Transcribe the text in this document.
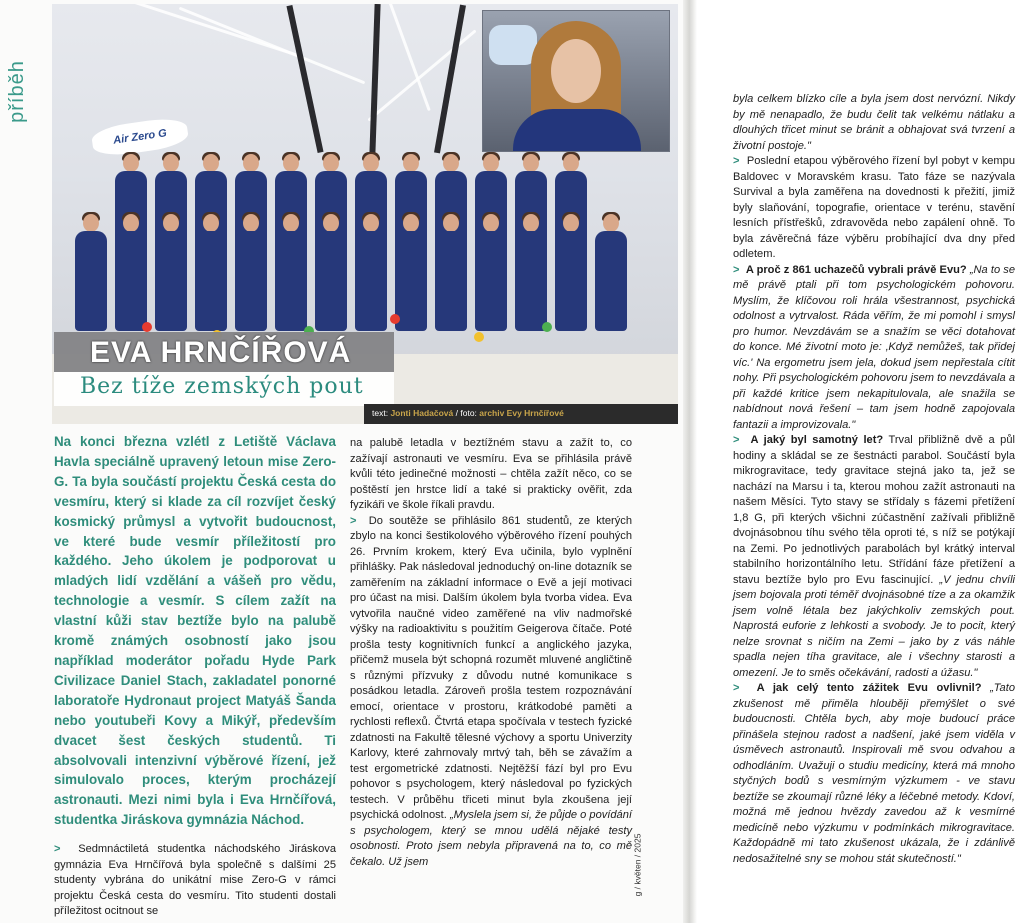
příběh
Air Zero G
EVA HRNČÍŘOVÁ
Bez tíže zemských pout
text: Jonti Hadačová / foto: archiv Evy Hrnčířové
Na konci března vzlétl z Letiště Václava Havla speciálně upravený letoun mise Zero-G. Ta byla součástí projektu Česká cesta do vesmíru, který si klade za cíl rozvíjet český kosmický průmysl a vytvořit budoucnost, ve které bude vesmír příležitostí pro každého. Jeho úkolem je podporovat u mladých lidí vzdělání a vášeň pro vědu, technologie a vesmír. S cílem zažít na vlastní kůži stav beztíže bylo na palubě kromě známých osobností jako jsou například moderátor pořadu Hyde Park Civilizace Daniel Stach, zakladatel ponorné laboratoře Hydronaut project Matyáš Šanda nebo youtubeři Kovy a Mikýř, především dvacet šest českých studentů. Ti absolvovali intenzivní výběrové řízení, jež simulovalo proces, kterým procházejí astronauti. Mezi nimi byla i Eva Hrnčířová, studentka Jiráskova gymnázia Náchod.

> Sedmnáctiletá studentka náchodského Jiráskova gymnázia Eva Hrnčířová byla společně s dalšími 25 studenty vybrána do unikátní mise Zero-G v rámci projektu Česká cesta do vesmíru. Tito studenti dostali příležitost ocitnout se

na palubě letadla v beztížném stavu a zažít to, co zažívají astronauti ve vesmíru. Eva se přihlásila právě kvůli této jedinečné možnosti – chtěla zažít něco, co se poštěstí jen hrstce lidí a také si prakticky ověřit, zda fyzikáři ve škole říkali pravdu.

> Do soutěže se přihlásilo 861 studentů, ze kterých zbylo na konci šestikolového výběrového řízení pouhých 26. Prvním krokem, který Eva učinila, bylo vyplnění přihlášky. Pak následoval jednoduchý on-line dotazník se zaměřením na základní informace o Evě a její motivaci pro účast na misi. Dalším úkolem byla tvorba videa. Eva vytvořila naučné video zaměřené na vliv nadmořské výšky na radioaktivitu s použitím Geigerova čítače. Poté prošla testy kognitivních funkcí a anglického jazyka, přičemž musela být schopná rozumět mluvené angličtině s různými přízvuky z důvodu nutné komunikace s posádkou letadla. Zároveň prošla testem rozpoznávání emocí, orientace v prostoru, krátkodobé paměti a rychlosti reflexů. Čtvrtá etapa spočívala v testech fyzické zdatnosti na Fakultě tělesné výchovy a sportu Univerzity Karlovy, které zahrnovaly mrtvý tah, běh se závažím a test ergometrické zdatnosti. Nejtěžší fází byl pro Evu pohovor s psychologem, který následoval po fyzických testech. V průběhu třiceti minut byla zkoušena její psychická odolnost. „Myslela jsem si, že půjde o povídání s psychologem, který se mnou udělá nějaké testy osobnosti. Proto jsem nebyla připravená na to, co mě čekalo. Už jsem

byla celkem blízko cíle a byla jsem dost nervózní. Nikdy by mě nenapadlo, že budu čelit tak velkému nátlaku a dlouhých třicet minut se bránit a obhajovat svá tvrzení a životní postoje."

> Poslední etapou výběrového řízení byl pobyt v kempu Baldovec v Moravském krasu. Tato fáze se nazývala Survival a byla zaměřena na dovednosti k přežití, jimiž byly slaňování, topografie, orientace v terénu, stavění lesních přístřešků, zdravověda nebo zapálení ohně. To byla závěrečná fáze výběru probíhající dva dny před odletem.

> A proč z 861 uchazečů vybrali právě Evu? „Na to se mě právě ptali při tom psychologickém pohovoru. Myslím, že klíčovou roli hrála všestrannost, psychická odolnost a vytrvalost. Ráda věřím, že mi pomohl i smysl pro humor. Nevzdávám se a snažím se věci dotahovat do konce. Mé životní moto je: ‚Když nemůžeš, tak přidej víc.' Na ergometru jsem jela, dokud jsem nepřestala cítit nohy. Při psychologickém pohovoru jsem to nevzdávala a při každé kritice jsem nekapitulovala, ale snažila se nabídnout nová řešení – tam jsem hodně zapojovala fantazii a improvizovala."

> A jaký byl samotný let? Trval přibližně dvě a půl hodiny a skládal se ze šestnácti parabol. Součástí byla mikrogravitace, tedy gravitace stejná jako ta, jež se nachází na Marsu i ta, kterou mohou zažít astronauti na našem Měsíci. Tyto stavy se střídaly s fázemi přetížení 1,8 G, při kterých všichni zúčastnění zažívali přibližně dvojnásobnou tíhu svého těla oproti té, s níž se potýkají na Zemi. Po jednotlivých parabolách byl krátký interval stabilního horizontálního letu. Střídání fáze přetížení a stavu beztíže bylo pro Evu fascinující. „V jednu chvíli jsem bojovala proti téměř dvojnásobné tíze a za okamžik jsem volně létala bez jakýchkoliv zemských pout. Naprostá euforie z lehkosti a svobody. Je to pocit, který nelze srovnat s ničím na Zemi – jako by z vás náhle spadla nejen tíha gravitace, ale i všechny starosti a omezení. Je to směs očekávání, radosti a úžasu."

> A jak celý tento zážitek Evu ovlivnil? „Tato zkušenost mě přiměla hlouběji přemýšlet o své budoucnosti. Chtěla bych, aby moje budoucí práce přinášela stejnou radost a nadšení, jaké jsem viděla v úsměvech astronautů. Inspirovali mě svou odvahou a odhodláním. Uvažuji o studiu medicíny, která má mnoho styčných bodů s vesmírným výzkumem - ve stavu beztíže se zkoumají různé léky a léčebné metody. Kdoví, možná mě jednou hvězdy zavedou až k vesmírné medicíně nebo výzkumu v podmínkách mikrogravitace. Každopádně mi tato zkušenost ukázala, že i zdánlivě nedosažitelné sny se mohou stát skutečností."

g / květen / 2025
